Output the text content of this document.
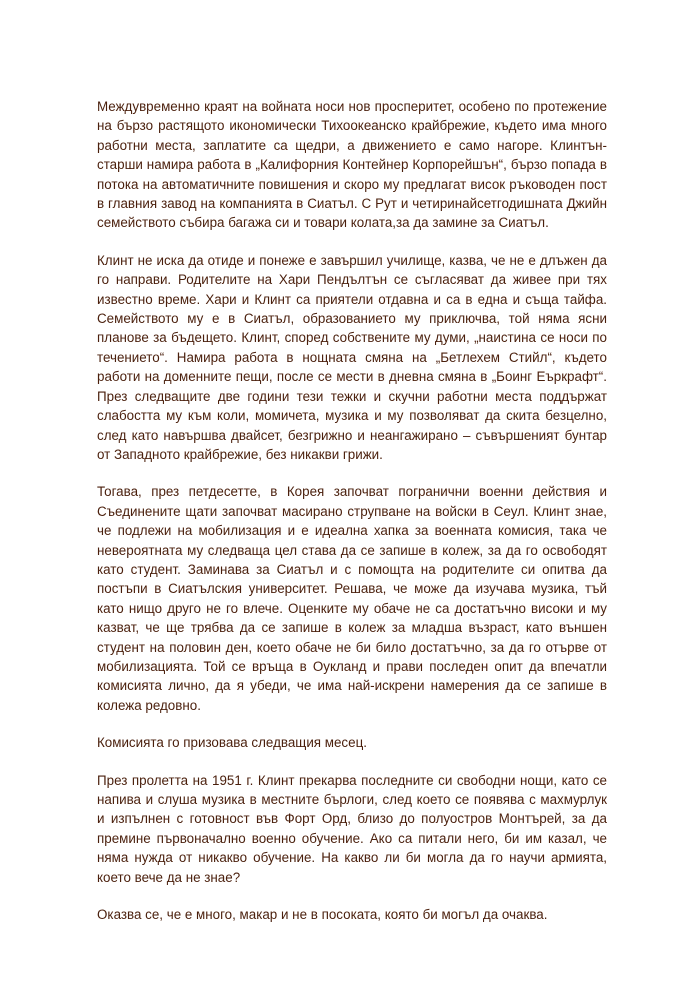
Междувременно краят на войната носи нов просперитет, особено по протежение на бързо растящото икономически Тихоокеанско крайбрежие, където има много работни места, заплатите са щедри, а движението е само нагоре. Клинтън-старши намира работа в „Калифорния Контейнер Корпорейшън“, бързо попада в потока на автоматичните повишения и скоро му предлагат висок ръководен пост в главния завод на компанията в Сиатъл. С Рут и четиринайсетгодишната Джийн семейството събира багажа си и товари колата,за да замине за Сиатъл.

Клинт не иска да отиде и понеже е завършил училище, казва, че не е длъжен да го направи. Родителите на Хари Пендълтън се съгласяват да живее при тях известно време. Хари и Клинт са приятели отдавна и са в една и съща тайфа. Семейството му е в Сиатъл, образованието му приключва, той няма ясни планове за бъдещето. Клинт, според собствените му думи, „наистина се носи по течението“. Намира работа в нощната смяна на „Бетлехем Стийл“, където работи на доменните пещи, после се мести в дневна смяна в „Боинг Еъркрафт“. През следващите две години тези тежки и скучни работни места поддържат слабостта му към коли, момичета, музика и му позволяват да скита безцелно, след като навършва двайсет, безгрижно и неангажирано – съвършеният бунтар от Западното крайбрежие, без никакви грижи.

Тогава, през петдесетте, в Корея започват погранични военни действия и Съединените щати започват масирано струпване на войски в Сеул. Клинт знае, че подлежи на мобилизация и е идеална хапка за военната комисия, така че невероятната му следваща цел става да се запише в колеж, за да го освободят като студент. Заминава за Сиатъл и с помощта на родителите си опитва да постъпи в Сиатълския университет. Решава, че може да изучава музика, тъй като нищо друго не го влече. Оценките му обаче не са достатъчно високи и му казват, че ще трябва да се запише в колеж за младша възраст, като външен студент на половин ден, което обаче не би било достатъчно, за да го отърве от мобилизацията. Той се връща в Оукланд и прави последен опит да впечатли комисията лично, да я убеди, че има най-искрени намерения да се запише в колежа редовно.

Комисията го призовава следващия месец.

През пролетта на 1951 г. Клинт прекарва последните си свободни нощи, като се напива и слуша музика в местните бърлоги, след което се появява с махмурлук и изпълнен с готовност във Форт Орд, близо до полуостров Монтърей, за да премине първоначално военно обучение. Ако са питали него, би им казал, че няма нужда от никакво обучение. На какво ли би могла да го научи армията, което вече да не знае?

Оказва се, че е много, макар и не в посоката, която би могъл да очаква.
